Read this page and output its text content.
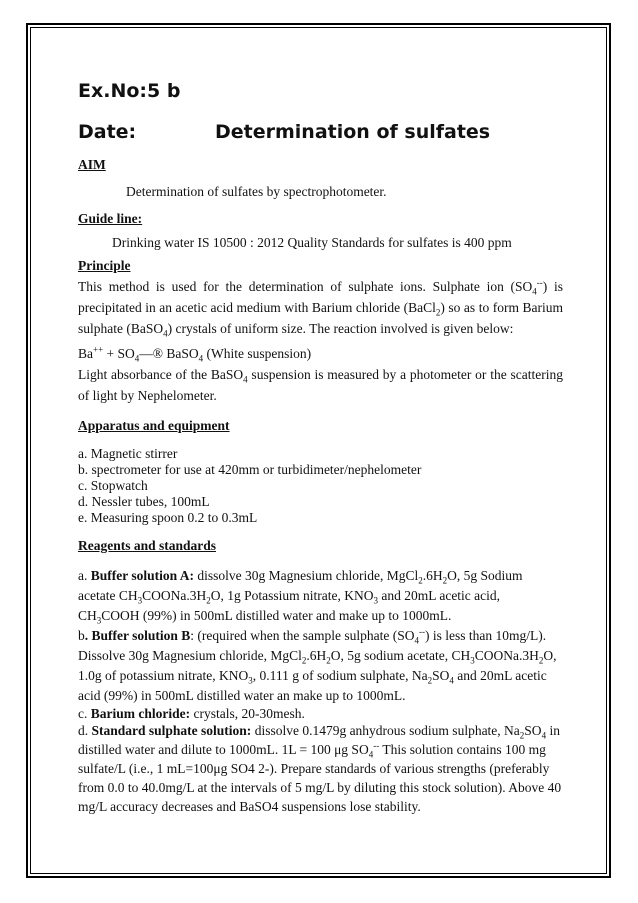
Ex.No:5 b
Date:	Determination of sulfates
AIM
Determination of sulfates by spectrophotometer.
Guide line:
Drinking water IS 10500 : 2012 Quality Standards for sulfates is 400 ppm
Principle
This method is used for the determination of sulphate ions. Sulphate ion $(SO_4^{--})$ is precipitated in an acetic acid medium with Barium chloride (BaCl$_2$) so as to form Barium sulphate (BaSO$_4$) crystals of uniform size. The reaction involved is given below:
$Ba^{++} + SO_4—®$ BaSO$_4$ (White suspension)
Light absorbance of the BaSO$_4$ suspension is measured by a photometer or the scattering of light by Nephelometer.
Apparatus and equipment
a. Magnetic stirrer
b. spectrometer for use at 420mm or turbidimeter/nephelometer
c. Stopwatch
d. Nessler tubes, 100mL
e. Measuring spoon 0.2 to 0.3mL
Reagents and standards
a. Buffer solution A: dissolve 30g Magnesium chloride, $MgCl_2.6H_2O$, 5g Sodium acetate $CH_3COONa.3H_2O$, 1g Potassium nitrate, $KNO_3$ and 20mL acetic acid, $CH_3COOH$ (99%) in 500mL distilled water and make up to 1000mL.
b. Buffer solution B: (required when the sample sulphate $(SO_4^{--})$ is less than 10mg/L). Dissolve 30g Magnesium chloride, $MgCl_2.6H_2O$, 5g sodium acetate, $CH_3COONa.3H_2O$, 1.0g of potassium nitrate, $KNO_3$, 0.111 g of sodium sulphate, $Na_2SO_4$ and 20mL acetic acid (99%) in 500mL distilled water an make up to 1000mL.
c. Barium chloride: crystals, 20-30mesh.
d. Standard sulphate solution: dissolve 0.1479g anhydrous sodium sulphate, $Na_2SO_4$ in distilled water and dilute to 1000mL. 1L = 100 μg $SO_4^{--}$ This solution contains 100 mg sulfate/L (i.e., 1 mL=100μg SO4 2-). Prepare standards of various strengths (preferably from 0.0 to 40.0mg/L at the intervals of 5 mg/L by diluting this stock solution). Above 40 mg/L accuracy decreases and BaSO4 suspensions lose stability.
